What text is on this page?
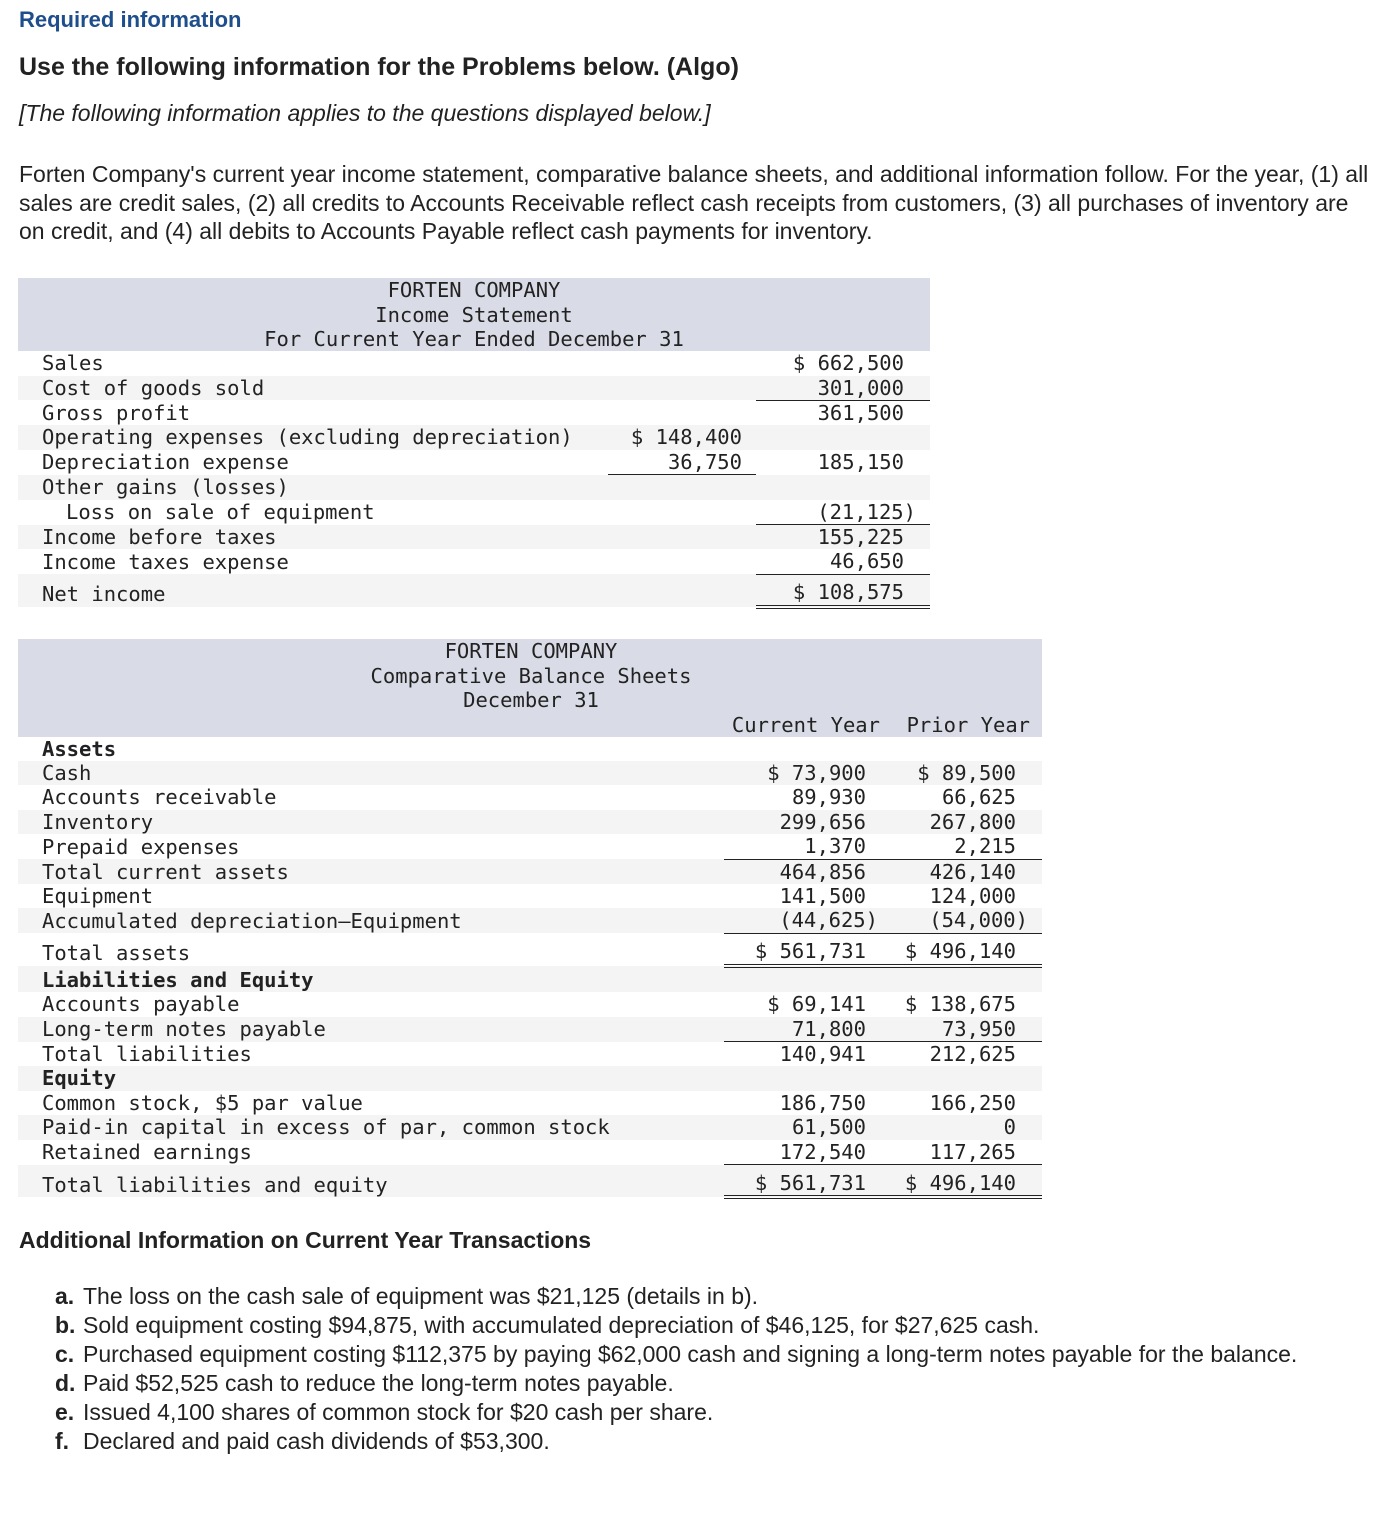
Required information
Use the following information for the Problems below. (Algo)
[The following information applies to the questions displayed below.]
Forten Company's current year income statement, comparative balance sheets, and additional information follow. For the year, (1) all sales are credit sales, (2) all credits to Accounts Receivable reflect cash receipts from customers, (3) all purchases of inventory are on credit, and (4) all debits to Accounts Payable reflect cash payments for inventory.
FORTEN COMPANY		
Income Statement		
For Current Year Ended December 31		
Sales		$ 662,500
Cost of goods sold		301,000
Gross profit		361,500
Operating expenses (excluding depreciation)	$ 148,400	
Depreciation expense	36,750	185,150
Other gains (losses)		
Loss on sale of equipment		(21,125)
Income before taxes		155,225
Income taxes expense		46,650
Net income		$ 108,575
FORTEN COMPANY		
Comparative Balance Sheets		
December 31		
	Current Year	Prior Year
Assets		
Cash	$ 73,900	$ 89,500
Accounts receivable	89,930	66,625
Inventory	299,656	267,800
Prepaid expenses	1,370	2,215
Total current assets	464,856	426,140
Equipment	141,500	124,000
Accumulated depreciation—Equipment	(44,625)	(54,000)
Total assets	$ 561,731	$ 496,140
Liabilities and Equity		
Accounts payable	$ 69,141	$ 138,675
Long-term notes payable	71,800	73,950
Total liabilities	140,941	212,625
Equity		
Common stock, $5 par value	186,750	166,250
Paid-in capital in excess of par, common stock	61,500	0
Retained earnings	172,540	117,265
Total liabilities and equity	$ 561,731	$ 496,140
Additional Information on Current Year Transactions
a. The loss on the cash sale of equipment was $21,125 (details in b).
b. Sold equipment costing $94,875, with accumulated depreciation of $46,125, for $27,625 cash.
c. Purchased equipment costing $112,375 by paying $62,000 cash and signing a long-term notes payable for the balance.
d. Paid $52,525 cash to reduce the long-term notes payable.
e. Issued 4,100 shares of common stock for $20 cash per share.
f. Declared and paid cash dividends of $53,300.
